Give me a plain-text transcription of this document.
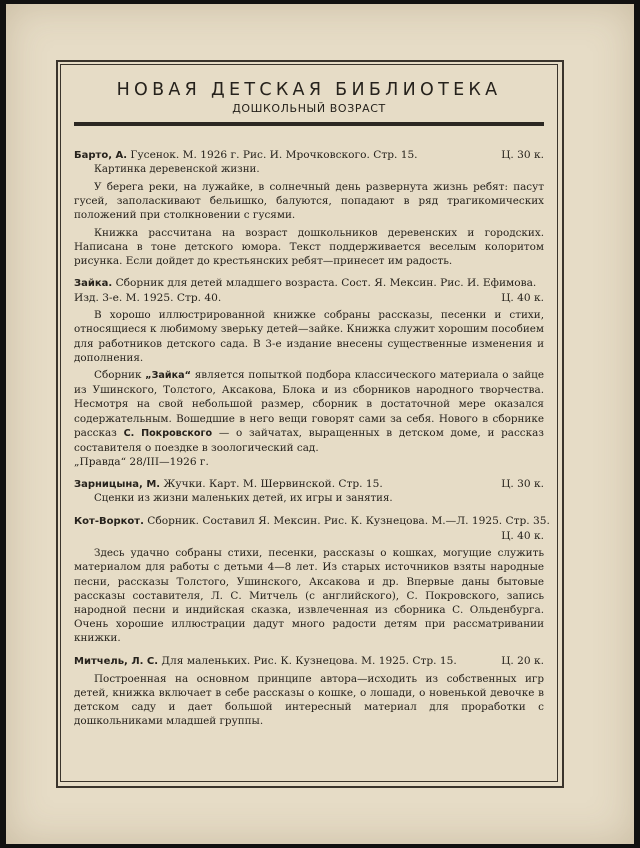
НОВАЯ ДЕТСКАЯ БИБЛИОТЕКА
ДОШКОЛЬНЫЙ ВОЗРАСТ
Барто, А. Гусенок. М. 1926 г. Рис. И. Мрочковского. Стр. 15.	Ц. 30 к.
Картинка деревенской жизни.
У берега реки, на лужайке, в солнечный день развернута жизнь ребят: пасут гусей, заполаскивают бельишко, балуются, попадают в ряд трагикомических положений при столкновении с гусями.
Книжка рассчитана на возраст дошкольников деревенских и городских. Написана в тоне детского юмора. Текст поддерживается веселым колоритом рисунка. Если дойдет до крестьянских ребят—принесет им радость.
Зайка. Сборник для детей младшего возраста. Сост. Я. Мексин. Рис. И. Ефимова.
Изд. 3-е. М. 1925. Стр. 40.	Ц. 40 к.
В хорошо иллюстрированной книжке собраны рассказы, песенки и стихи, относящиеся к любимому зверьку детей—зайке. Книжка служит хорошим пособием для работников детского сада. В 3-е издание внесены существенные изменения и дополнения.
Сборник „Зайка“ является попыткой подбора классического материала о зайце из Ушинского, Толстого, Аксакова, Блока и из сборников народного творчества. Несмотря на свой небольшой размер, сборник в достаточной мере оказался содержательным. Вошедшие в него вещи говорят сами за себя. Нового в сборнике рассказ С. Покровского — о зайчатах, выращенных в детском доме, и рассказ составителя о поездке в зоологический сад.
„Правда“ 28/III—1926 г.
Зарницына, М. Жучки. Карт. М. Шервинской. Стр. 15.	Ц. 30 к.
Сценки из жизни маленьких детей, их игры и занятия.
Кот-Воркот. Сборник. Составил Я. Мексин. Рис. К. Кузнецова. М.—Л. 1925. Стр. 35.
Ц. 40 к.
Здесь удачно собраны стихи, песенки, рассказы о кошках, могущие служить материалом для работы с детьми 4—8 лет. Из старых источников взяты народные песни, рассказы Толстого, Ушинского, Аксакова и др. Впервые даны бытовые рассказы составителя, Л. С. Митчель (с английского), С. Покровского, запись народной песни и индийская сказка, извлеченная из сборника С. Ольденбурга. Очень хорошие иллюстрации дадут много радости детям при рассматривании книжки.
Митчель, Л. С. Для маленьких. Рис. К. Кузнецова. М. 1925. Стр. 15.	Ц. 20 к.
Построенная на основном принципе автора—исходить из собственных игр детей, книжка включает в себе рассказы о кошке, о лошади, о новенькой девочке в детском саду и дает большой интересный материал для проработки с дошкольниками младшей группы.
